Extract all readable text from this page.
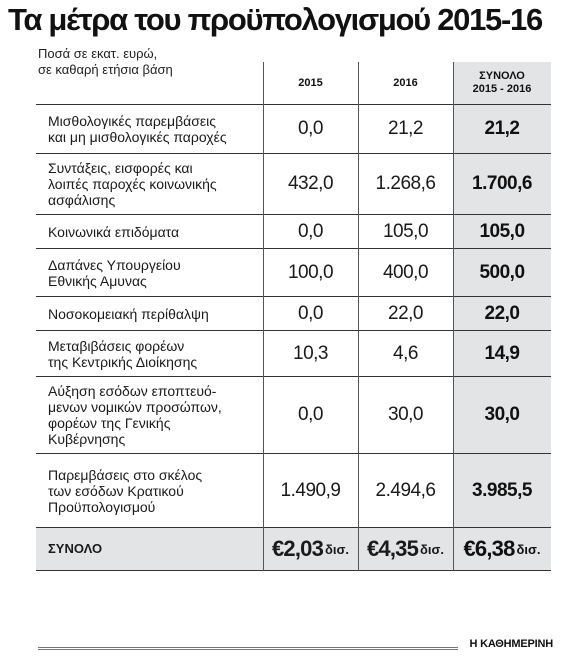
Τα μέτρα του προϋπολογισμού 2015-16
Ποσά σε εκατ. ευρώ,
σε καθαρή ετήσια βάση
2015	2016
ΣΥΝΟΛΟ
2015 - 2016
Μισθολογικές παρεμβάσεις
και μη μισθολογικές παροχές	0,0	21,2	21,2
Συντάξεις, εισφορές και
λοιπές παροχές κοινωνικής
ασφάλισης
432,0	1.268,6	1.700,6
Κοινωνικά επιδόματα	0,0	105,0	105,0
Δαπάνες Υπουργείου
Εθνικής Αμυνας	100,0	400,0	500,0
Νοσοκομειακή περίθαλψη	0,0	22,0	22,0
Μεταβιβάσεις φορέων
της Κεντρικής Διοίκησης	10,3	4,6	14,9
Αύξηση εσόδων εποπτευό-
μενων νομικών προσώπων,
φορέων της Γενικής
Κυβέρνησης
0,0	30,0	30,0
Παρεμβάσεις στο σκέλος
των εσόδων Κρατικού
Προϋπολογισμού
1.490,9	2.494,6	3.985,5
ΣΥΝΟΛΟ	€2,03 δισ. €4,35 δισ. €6,38 δισ.
Η ΚΑΘΗΜΕΡΙΝΗ
